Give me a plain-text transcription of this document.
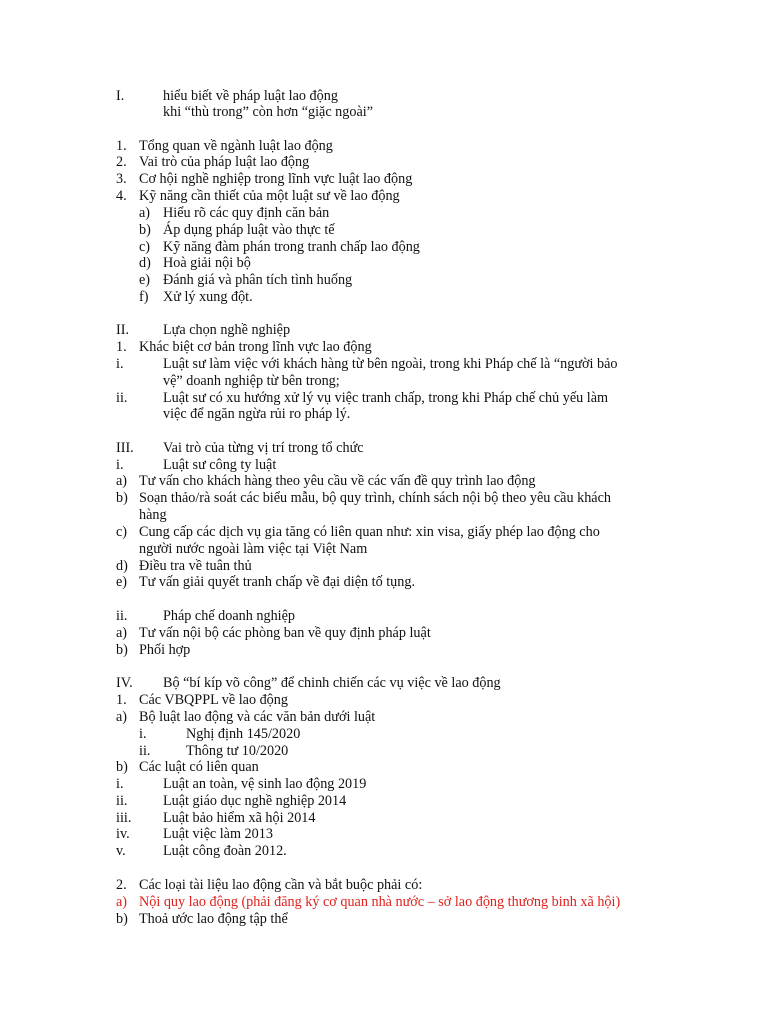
I.	hiểu biết về pháp luật lao động
khi “thù trong” còn hơn “giặc ngoài”
1. Tổng quan về ngành luật lao động
2. Vai trò của pháp luật lao động
3. Cơ hội nghề nghiệp trong lĩnh vực luật lao động
4. Kỹ năng cần thiết của một luật sư về lao động
a) Hiểu rõ các quy định căn bản
b) Áp dụng pháp luật vào thực tế
c) Kỹ năng đàm phán trong tranh chấp lao động
d) Hoà giải nội bộ
e) Đánh giá và phân tích tình huống
f) Xử lý xung đột.
II. Lựa chọn nghề nghiệp
1. Khác biệt cơ bản trong lĩnh vực lao động
i.	Luật sư làm việc với khách hàng từ bên ngoài, trong khi Pháp chế là “người bảo
vệ” doanh nghiệp từ bên trong;
ii.	Luật sư có xu hướng xử lý vụ việc tranh chấp, trong khi Pháp chế chủ yếu làm
việc để ngăn ngừa rủi ro pháp lý.
III. Vai trò của từng vị trí trong tổ chức
i.	Luật sư công ty luật
a) Tư vấn cho khách hàng theo yêu cầu về các vấn đề quy trình lao động
b) Soạn thảo/rà soát các biểu mẫu, bộ quy trình, chính sách nội bộ theo yêu cầu khách
hàng
c) Cung cấp các dịch vụ gia tăng có liên quan như: xin visa, giấy phép lao động cho
người nước ngoài làm việc tại Việt Nam
d) Điều tra về tuân thủ
e) Tư vấn giải quyết tranh chấp về đại diện tố tụng.
ii.	Pháp chế doanh nghiệp
a) Tư vấn nội bộ các phòng ban về quy định pháp luật
b) Phối hợp
IV. Bộ “bí kíp võ công” để chinh chiến các vụ việc về lao động
1. Các VBQPPL về lao động
a) Bộ luật lao động và các văn bản dưới luật
i.	Nghị định 145/2020
ii.	Thông tư 10/2020
b) Các luật có liên quan
i.	Luật an toàn, vệ sinh lao động 2019
ii.	Luật giáo dục nghề nghiệp 2014
iii. Luật bảo hiểm xã hội 2014
iv. Luật việc làm 2013
v.	Luật công đoàn 2012.
2. Các loại tài liệu lao động cần và bắt buộc phải có:
a) Nội quy lao động (phải đăng ký cơ quan nhà nước – sở lao động thương binh xã hội)
b) Thoả ước lao động tập thể
